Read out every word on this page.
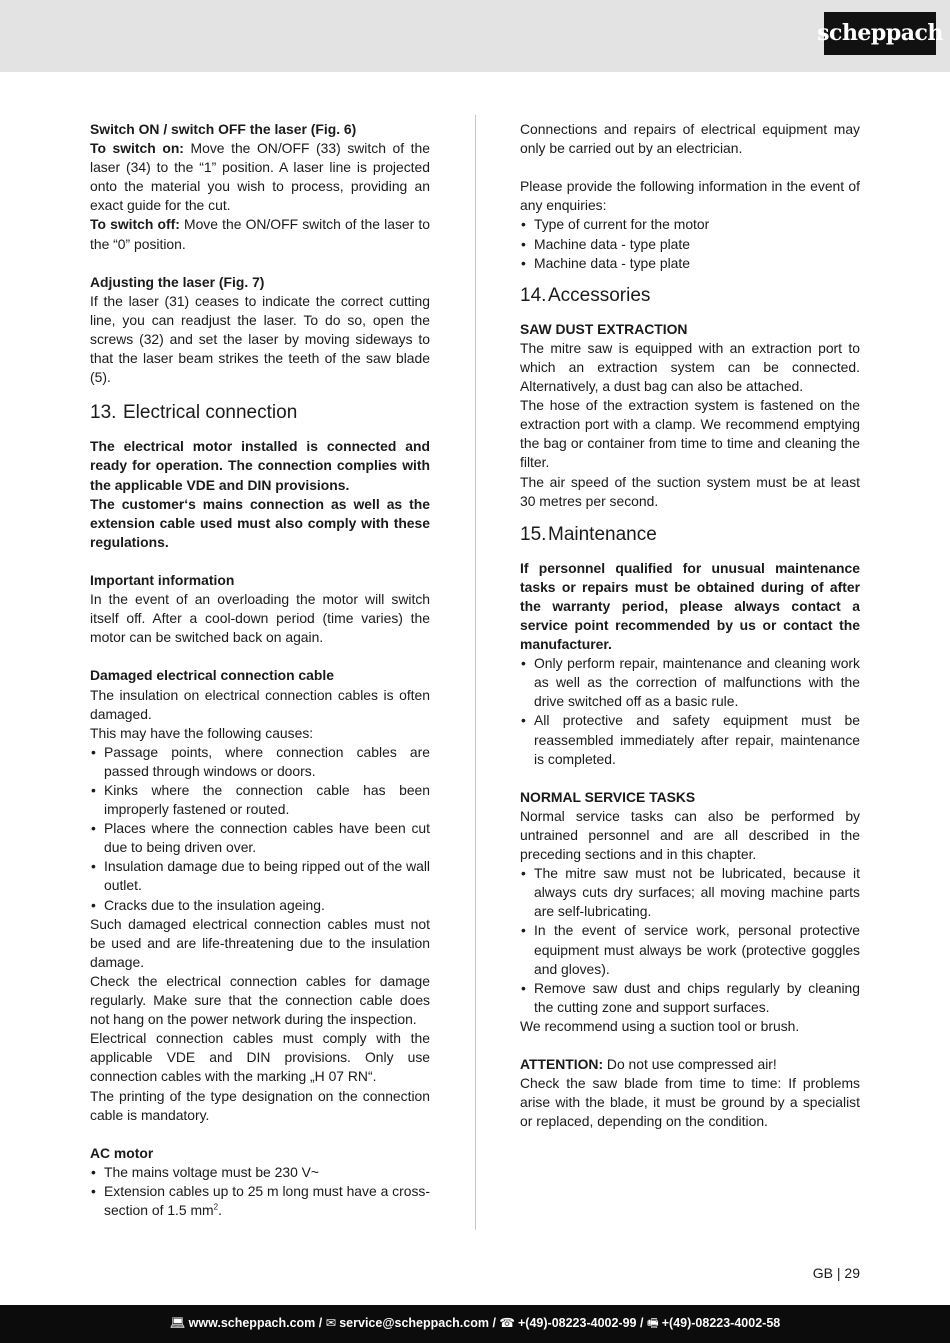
scheppach

Switch ON / switch OFF the laser (Fig. 6)

To switch on: Move the ON/OFF (33) switch of the laser (34) to the “1” position. A laser line is projected onto the material you wish to process, providing an exact guide for the cut.

To switch off: Move the ON/OFF switch of the laser to the “0” position.

Adjusting the laser (Fig. 7)

If the laser (31) ceases to indicate the correct cutting line, you can readjust the laser. To do so, open the screws (32) and set the laser by moving sideways to that the laser beam strikes the teeth of the saw blade (5).

13. Electrical connection

The electrical motor installed is connected and ready for operation. The connection complies with the applicable VDE and DIN provisions.

The customer‘s mains connection as well as the extension cable used must also comply with these regulations.

Important information

In the event of an overloading the motor will switch itself off. After a cool-down period (time varies) the motor can be switched back on again.

Damaged electrical connection cable

The insulation on electrical connection cables is often damaged.

This may have the following causes:

• Passage points, where connection cables are passed through windows or doors.
• Kinks where the connection cable has been improperly fastened or routed.
• Places where the connection cables have been cut due to being driven over.
• Insulation damage due to being ripped out of the wall outlet.
• Cracks due to the insulation ageing.

Such damaged electrical connection cables must not be used and are life-threatening due to the insulation damage.

Check the electrical connection cables for damage regularly. Make sure that the connection cable does not hang on the power network during the inspection.

Electrical connection cables must comply with the applicable VDE and DIN provisions. Only use connection cables with the marking „H 07 RN“.

The printing of the type designation on the connection cable is mandatory.

AC motor

• The mains voltage must be 230 V~
• Extension cables up to 25 m long must have a cross-section of 1.5 $mm^2$.

Connections and repairs of electrical equipment may only be carried out by an electrician.

Please provide the following information in the event of any enquiries:

• Type of current for the motor
• Machine data - type plate
• Machine data - type plate
14.Accessories

SAW DUST EXTRACTION

The mitre saw is equipped with an extraction port to which an extraction system can be connected. Alternatively, a dust bag can also be attached.

The hose of the extraction system is fastened on the extraction port with a clamp. We recommend emptying the bag or container from time to time and cleaning the filter.

The air speed of the suction system must be at least 30 metres per second.

15.Maintenance

If personnel qualified for unusual maintenance tasks or repairs must be obtained during of after the warranty period, please always contact a service point recommended by us or contact the manufacturer.

• Only perform repair, maintenance and cleaning work as well as the correction of malfunctions with the drive switched off as a basic rule.
• All protective and safety equipment must be reassembled immediately after repair, maintenance is completed.

NORMAL SERVICE TASKS

Normal service tasks can also be performed by untrained personnel and are all described in the preceding sections and in this chapter.

• The mitre saw must not be lubricated, because it always cuts dry surfaces; all moving machine parts are self-lubricating.
• In the event of service work, personal protective equipment must always be work (protective goggles and gloves).
• Remove saw dust and chips regularly by cleaning the cutting zone and support surfaces.

We recommend using a suction tool or brush.

ATTENTION: Do not use compressed air!

Check the saw blade from time to time: If problems arise with the blade, it must be ground by a specialist or replaced, depending on the condition.

GB | 29
💻︎ www.scheppach.com /
✉︎ service@scheppach.com /
☎︎ +(49)-08223-4002-99 /
🖷︎ +(49)-08223-4002-58
